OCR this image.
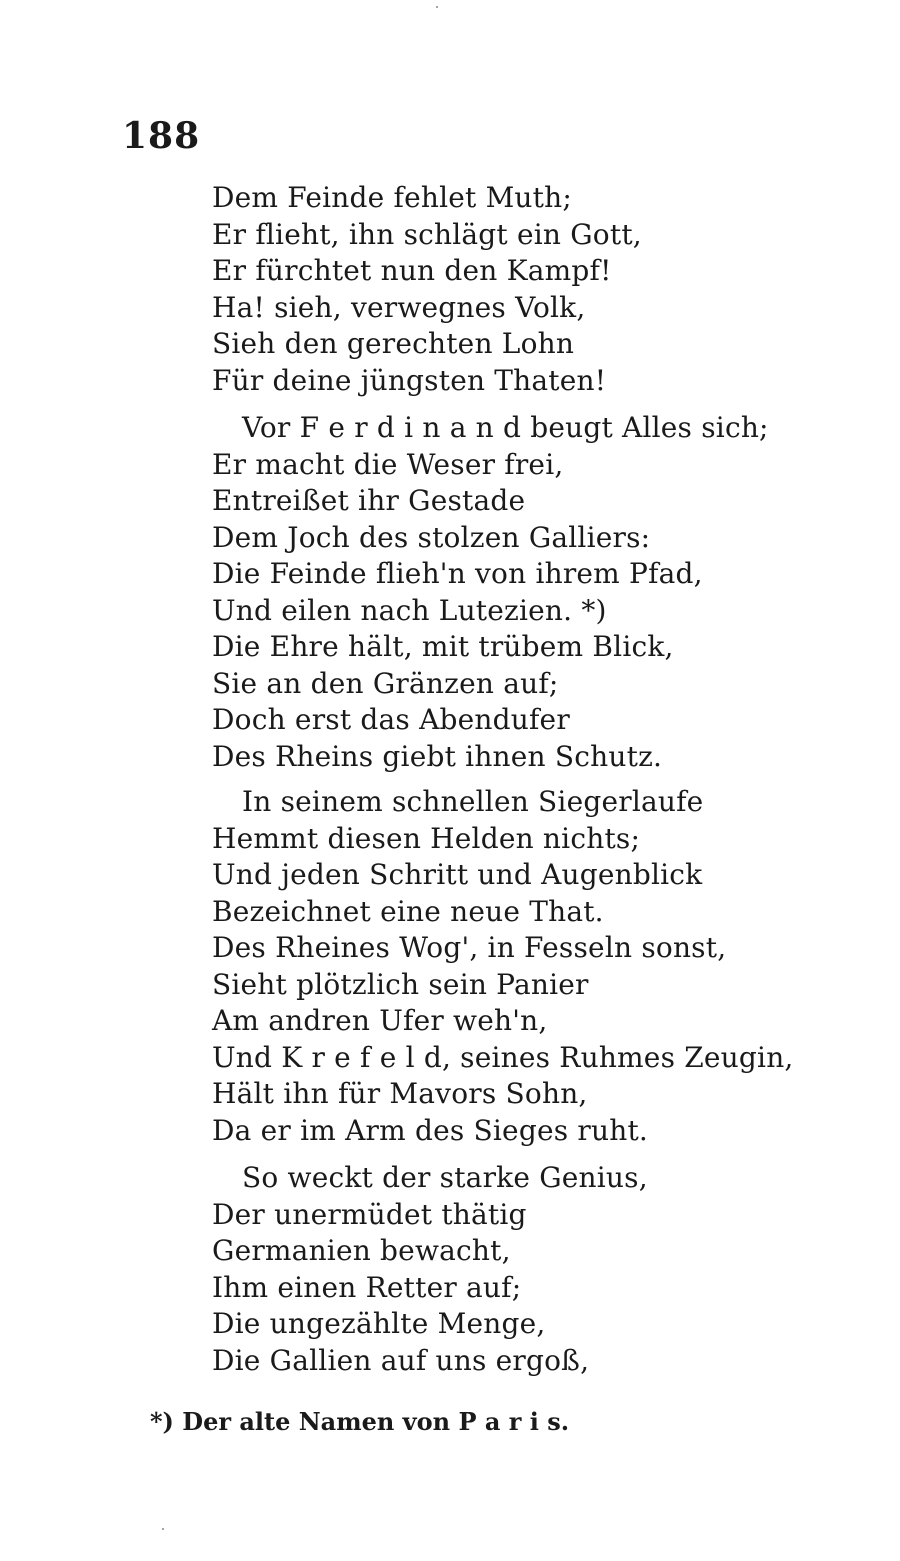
188
Dem Feinde fehlet Muth;
Er flieht, ihn schlägt ein Gott,
Er fürchtet nun den Kampf!
Ha! sieh, verwegnes Volk,
Sieh den gerechten Lohn
Für deine jüngsten Thaten!
Vor F e r d i n a n d beugt Alles sich;
Er macht die Weser frei,
Entreißet ihr Gestade
Dem Joch des stolzen Galliers:
Die Feinde flieh'n von ihrem Pfad,
Und eilen nach Lutezien. *)
Die Ehre hält, mit trübem Blick,
Sie an den Gränzen auf;
Doch erst das Abendufer
Des Rheins giebt ihnen Schutz.
In seinem schnellen Siegerlaufe
Hemmt diesen Helden nichts;
Und jeden Schritt und Augenblick
Bezeichnet eine neue That.
Des Rheines Wog', in Fesseln sonst,
Sieht plötzlich sein Panier
Am andren Ufer weh'n,
Und K r e f e l d, seines Ruhmes Zeugin,
Hält ihn für Mavors Sohn,
Da er im Arm des Sieges ruht.
So weckt der starke Genius,
Der unermüdet thätig
Germanien bewacht,
Ihm einen Retter auf;
Die ungezählte Menge,
Die Gallien auf uns ergoß,
*) Der alte Namen von P a r i s.
